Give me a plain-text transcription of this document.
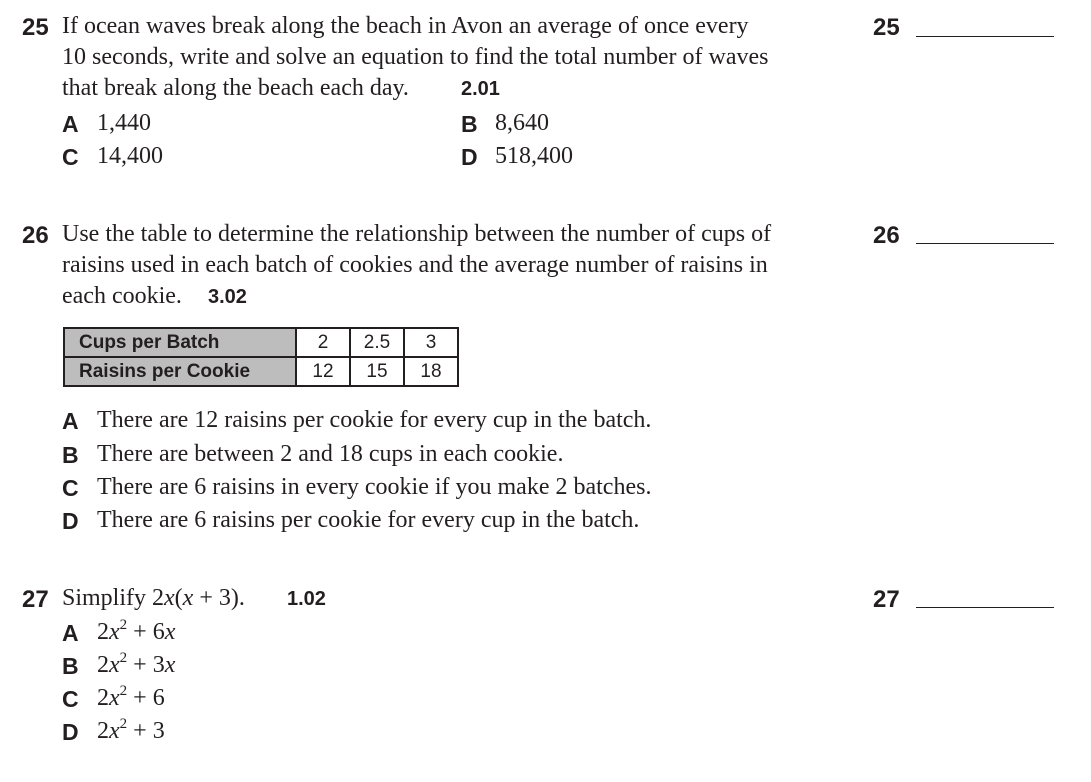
25 If ocean waves break along the beach in Avon an average of once every
10 seconds, write and solve an equation to find the total number of waves
that break along the beach each day.	2.01
A 1,440	B 8,640
C 14,400	D 518,400
25
26 Use the table to determine the relationship between the number of cups of
raisins used in each batch of cookies and the average number of raisins in
each cookie. 3.02
Cups per Batch	2	2.5	3
Raisins per Cookie	12	15	18
A There are 12 raisins per cookie for every cup in the batch.
B There are between 2 and 18 cups in each cookie.
C There are 6 raisins in every cookie if you make 2 batches.
D There are 6 raisins per cookie for every cup in the batch.
26
27 Simplify 2x(x + 3). 1.02
A $2x^2 + 6x$
B $2x^2 + 3x$
C $2x^2 + 6$
D $2x^2 + 3$
27
